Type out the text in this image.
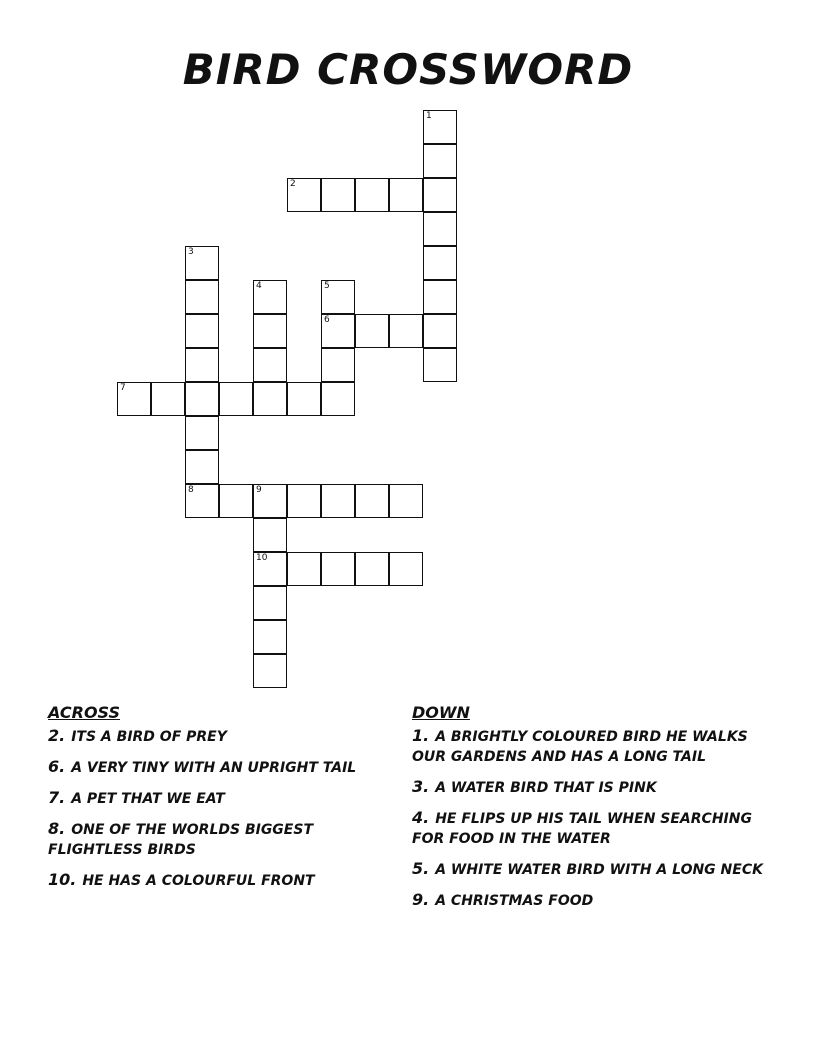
BIRD CROSSWORD
1
2
3
8
4	5
6
7
9
10
ACROSS
2. ITS A BIRD OF PREY
6. A VERY TINY WITH AN UPRIGHT TAIL
7. A PET THAT WE EAT
8. ONE OF THE WORLDS BIGGEST FLIGHTLESS BIRDS
10. HE HAS A COLOURFUL FRONT
DOWN
1. A BRIGHTLY COLOURED BIRD HE WALKS OUR GARDENS AND HAS A LONG TAIL
3. A WATER BIRD THAT IS PINK
4. HE FLIPS UP HIS TAIL WHEN SEARCHING FOR FOOD IN THE WATER
5. A WHITE WATER BIRD WITH A LONG NECK
9. A CHRISTMAS FOOD
